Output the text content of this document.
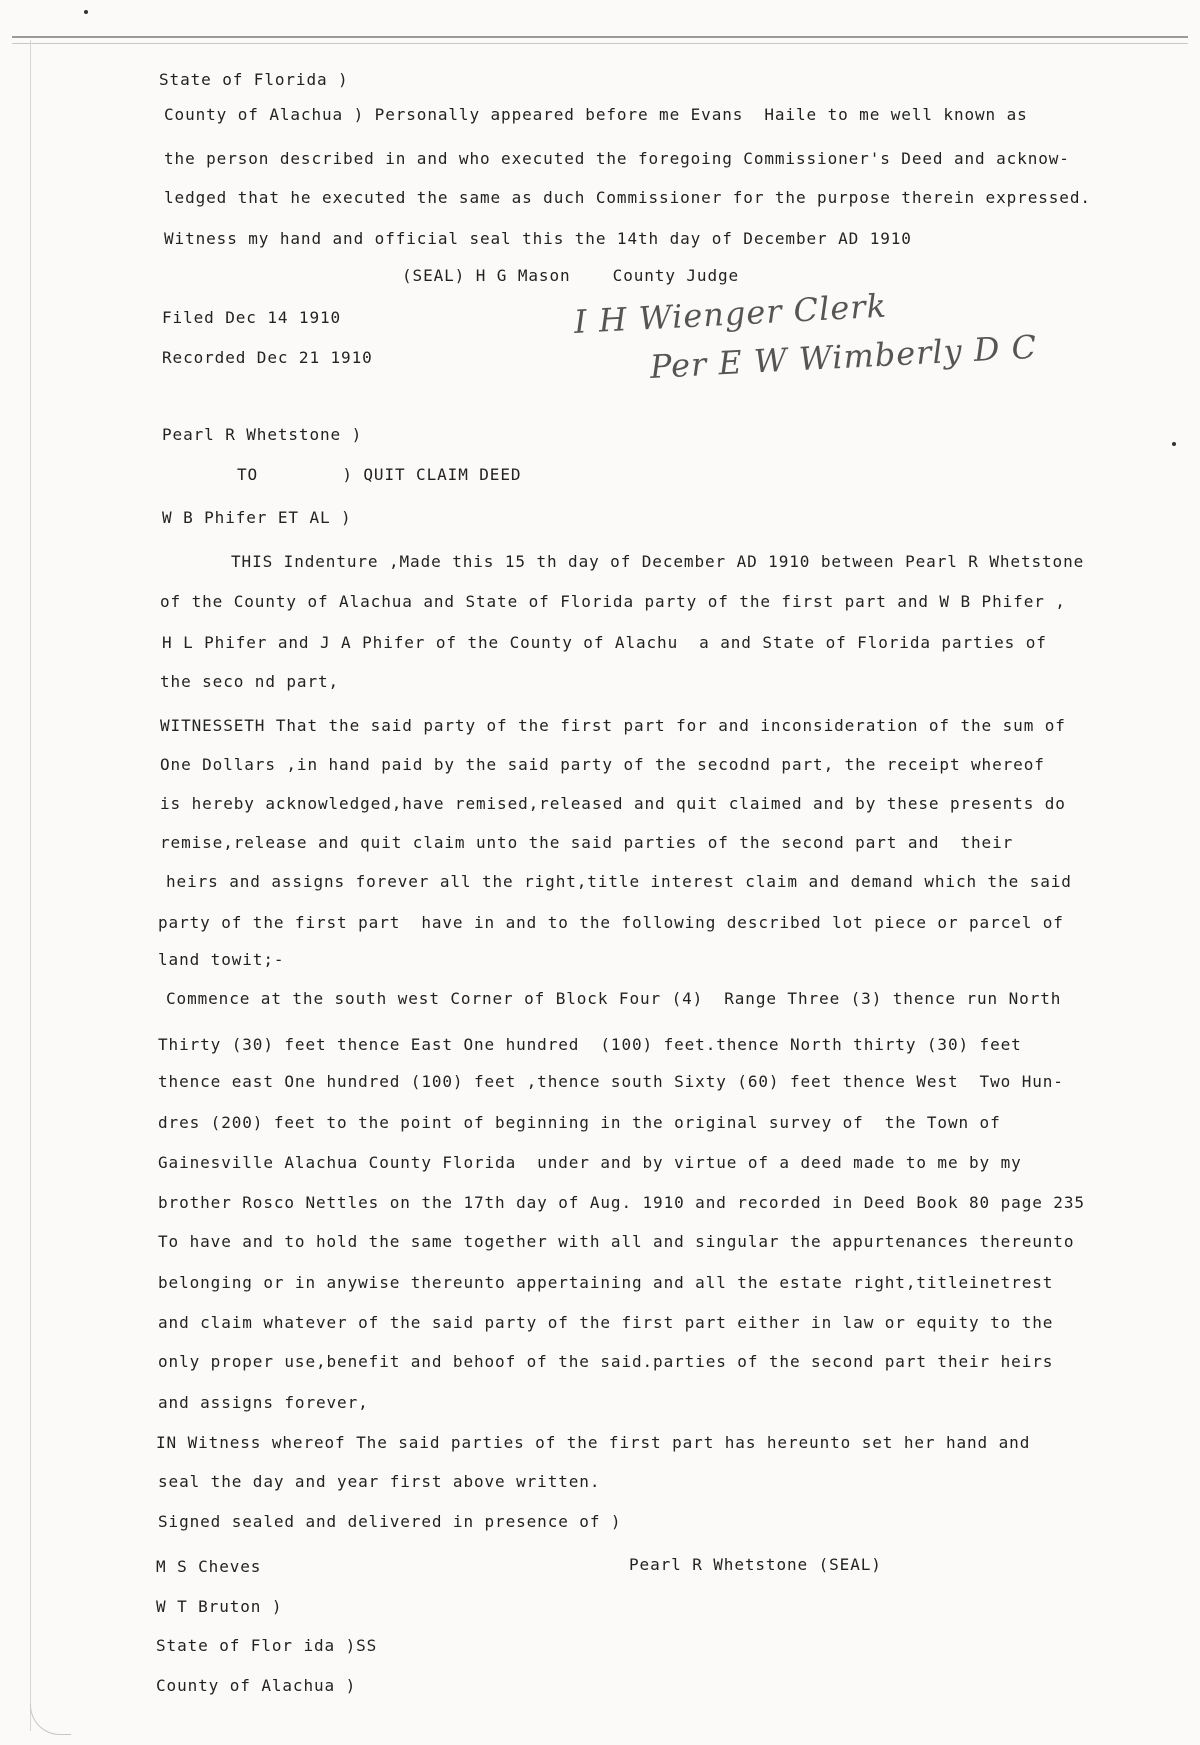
State of Florida )
County of Alachua ) Personally appeared before me Evans  Haile to me well known as
the person described in and who executed the foregoing Commissioner's Deed and acknow-
ledged that he executed the same as duch Commissioner for the purpose therein expressed.
Witness my hand and official seal this the 14th day of December AD 1910
(SEAL) H G Mason    County Judge
Filed Dec 14 1910
Recorded Dec 21 1910
I H Wienger Clerk
Per E W Wimberly D C
Pearl R Whetstone )
TO        ) QUIT CLAIM DEED
W B Phifer ET AL )
THIS Indenture ,Made this 15 th day of December AD 1910 between Pearl R Whetstone
of the County of Alachua and State of Florida party of the first part and W B Phifer ,
H L Phifer and J A Phifer of the County of Alachu  a and State of Florida parties of
the seco nd part,
WITNESSETH That the said party of the first part for and inconsideration of the sum of
One Dollars ,in hand paid by the said party of the secodnd part, the receipt whereof
is hereby acknowledged,have remised,released and quit claimed and by these presents do
remise,release and quit claim unto the said parties of the second part and  their
heirs and assigns forever all the right,title interest claim and demand which the said
party of the first part  have in and to the following described lot piece or parcel of
land towit;-
Commence at the south west Corner of Block Four (4)  Range Three (3) thence run North
Thirty (30) feet thence East One hundred  (100) feet.thence North thirty (30) feet
thence east One hundred (100) feet ,thence south Sixty (60) feet thence West  Two Hun-
dres (200) feet to the point of beginning in the original survey of  the Town of
Gainesville Alachua County Florida  under and by virtue of a deed made to me by my
brother Rosco Nettles on the 17th day of Aug. 1910 and recorded in Deed Book 80 page 235
To have and to hold the same together with all and singular the appurtenances thereunto
belonging or in anywise thereunto appertaining and all the estate right,titleinetrest
and claim whatever of the said party of the first part either in law or equity to the
only proper use,benefit and behoof of the said.parties of the second part their heirs
and assigns forever,
IN Witness whereof The said parties of the first part has hereunto set her hand and
seal the day and year first above written.
Signed sealed and delivered in presence of )
M S Cheves	Pearl R Whetstone (SEAL)
W T Bruton )
State of Flor ida )SS
County of Alachua )
